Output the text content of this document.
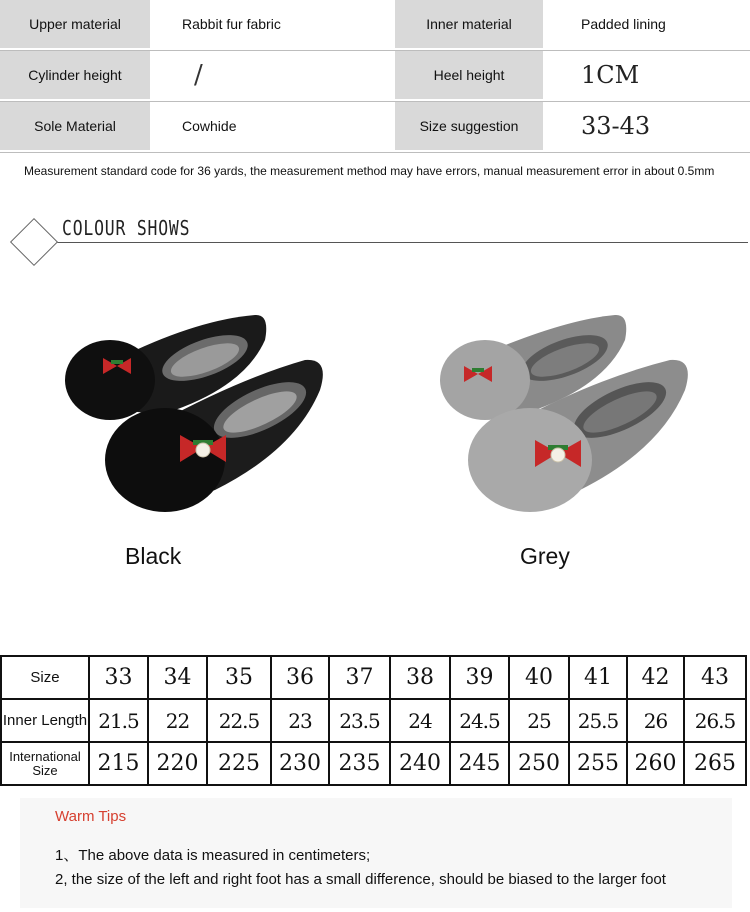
Upper material	Rabbit fur fabric	Inner material	Padded lining
Cylinder height	/	Heel height	1CM
Sole Material	Cowhide	Size suggestion	33-43
Measurement standard code for 36 yards, the measurement method may have errors, manual measurement error in about 0.5mm
COLOUR SHOWS
Black	Grey
Size	33	34	35	36	37	38	39	40	41	42	43
Inner Length	21.5	22	22.5	23	23.5	24	24.5	25	25.5	26	26.5
International Size	215	220	225	230	235	240	245	250	255	260	265
Warm Tips
1、The above data is measured in centimeters;
2, the size of the left and right foot has a small difference, should be biased to the larger foot
